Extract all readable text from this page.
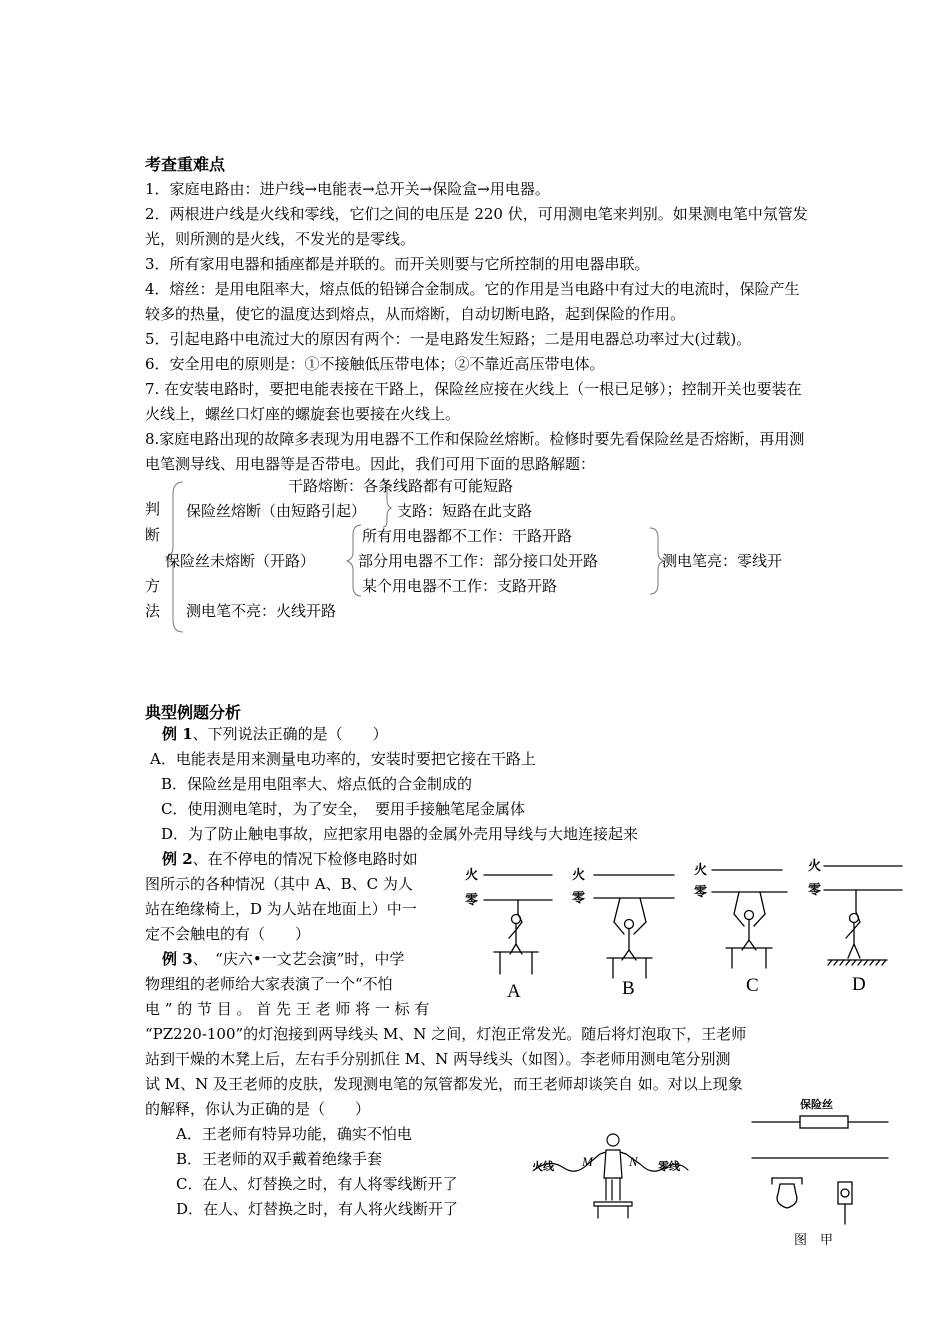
考查重难点
1．家庭电路由：进户线→电能表→总开关→保险盒→用电器。
2．两根进户线是火线和零线，它们之间的电压是 220 伏，可用测电笔来判别。如果测电笔中氖管发光，则所测的是火线，不发光的是零线。
3．所有家用电器和插座都是并联的。而开关则要与它所控制的用电器串联。
4．熔丝：是用电阻率大，熔点低的铅锑合金制成。它的作用是当电路中有过大的电流时，保险产生较多的热量，使它的温度达到熔点，从而熔断，自动切断电路，起到保险的作用。
5．引起电路中电流过大的原因有两个：一是电路发生短路；二是用电器总功率过大(过载)。
6．安全用电的原则是：①不接触低压带电体；②不靠近高压带电体。
7. 在安装电路时，要把电能表接在干路上，保险丝应接在火线上（一根已足够）；控制开关也要装在火线上，螺丝口灯座的螺旋套也要接在火线上。
8.家庭电路出现的故障多表现为用电器不工作和保险丝熔断。检修时要先看保险丝是否熔断，再用测电笔测导线、用电器等是否带电。因此，我们可用下面的思路解题：
判
断
方
法
干路熔断：各条线路都有可能短路
保险丝熔断（由短路引起） 支路：短路在此支路
所有用电器都不工作：干路开路
保险丝未熔断（开路）	部分用电器不工作：部分接口处开路	测电笔亮：零线开
某个用电器不工作：支路开路
测电笔不亮：火线开路
典型例题分析
例 1、下列说法正确的是（　　）
A．电能表是用来测量电功率的，安装时要把它接在干路上
B．保险丝是用电阻率大、熔点低的合金制成的
C．使用测电笔时，为了安全，　要用手接触笔尾金属体
D．为了防止触电事故，应把家用电器的金属外壳用导线与大地连接起来
例 2、在不停电的情况下检修电路时如
图所示的各种情况（其中 A、B、C 为人
站在绝缘椅上，D 为人站在地面上）中一
定不会触电的有（　　）
例 3、　“庆六•一文艺会演”时，中学
物理组的老师给大家表演了一个“不怕
电 ” 的 节 目 。 首 先 王 老 师 将 一 标 有
“PZ220-100”的灯泡接到两导线头 M、N 之间，灯泡正常发光。随后将灯泡取下，王老师
站到干燥的木凳上后，左右手分别抓住 M、N 两导线头（如图）。李老师用测电笔分别测
试 M、N 及王老师的皮肤，发现测电笔的氖管都发光，而王老师却谈笑自 如。对以上现象
的解释，你认为正确的是（　　）
A．王老师有特异功能，确实不怕电
B．王老师的双手戴着绝缘手套
C．在人、灯替换之时，有人将零线断开了
D．在人、灯替换之时，有人将火线断开了
火
零
火
零
火
零
火
零
A	B	C	D
火线	零线
M	N
保险丝
图　甲
